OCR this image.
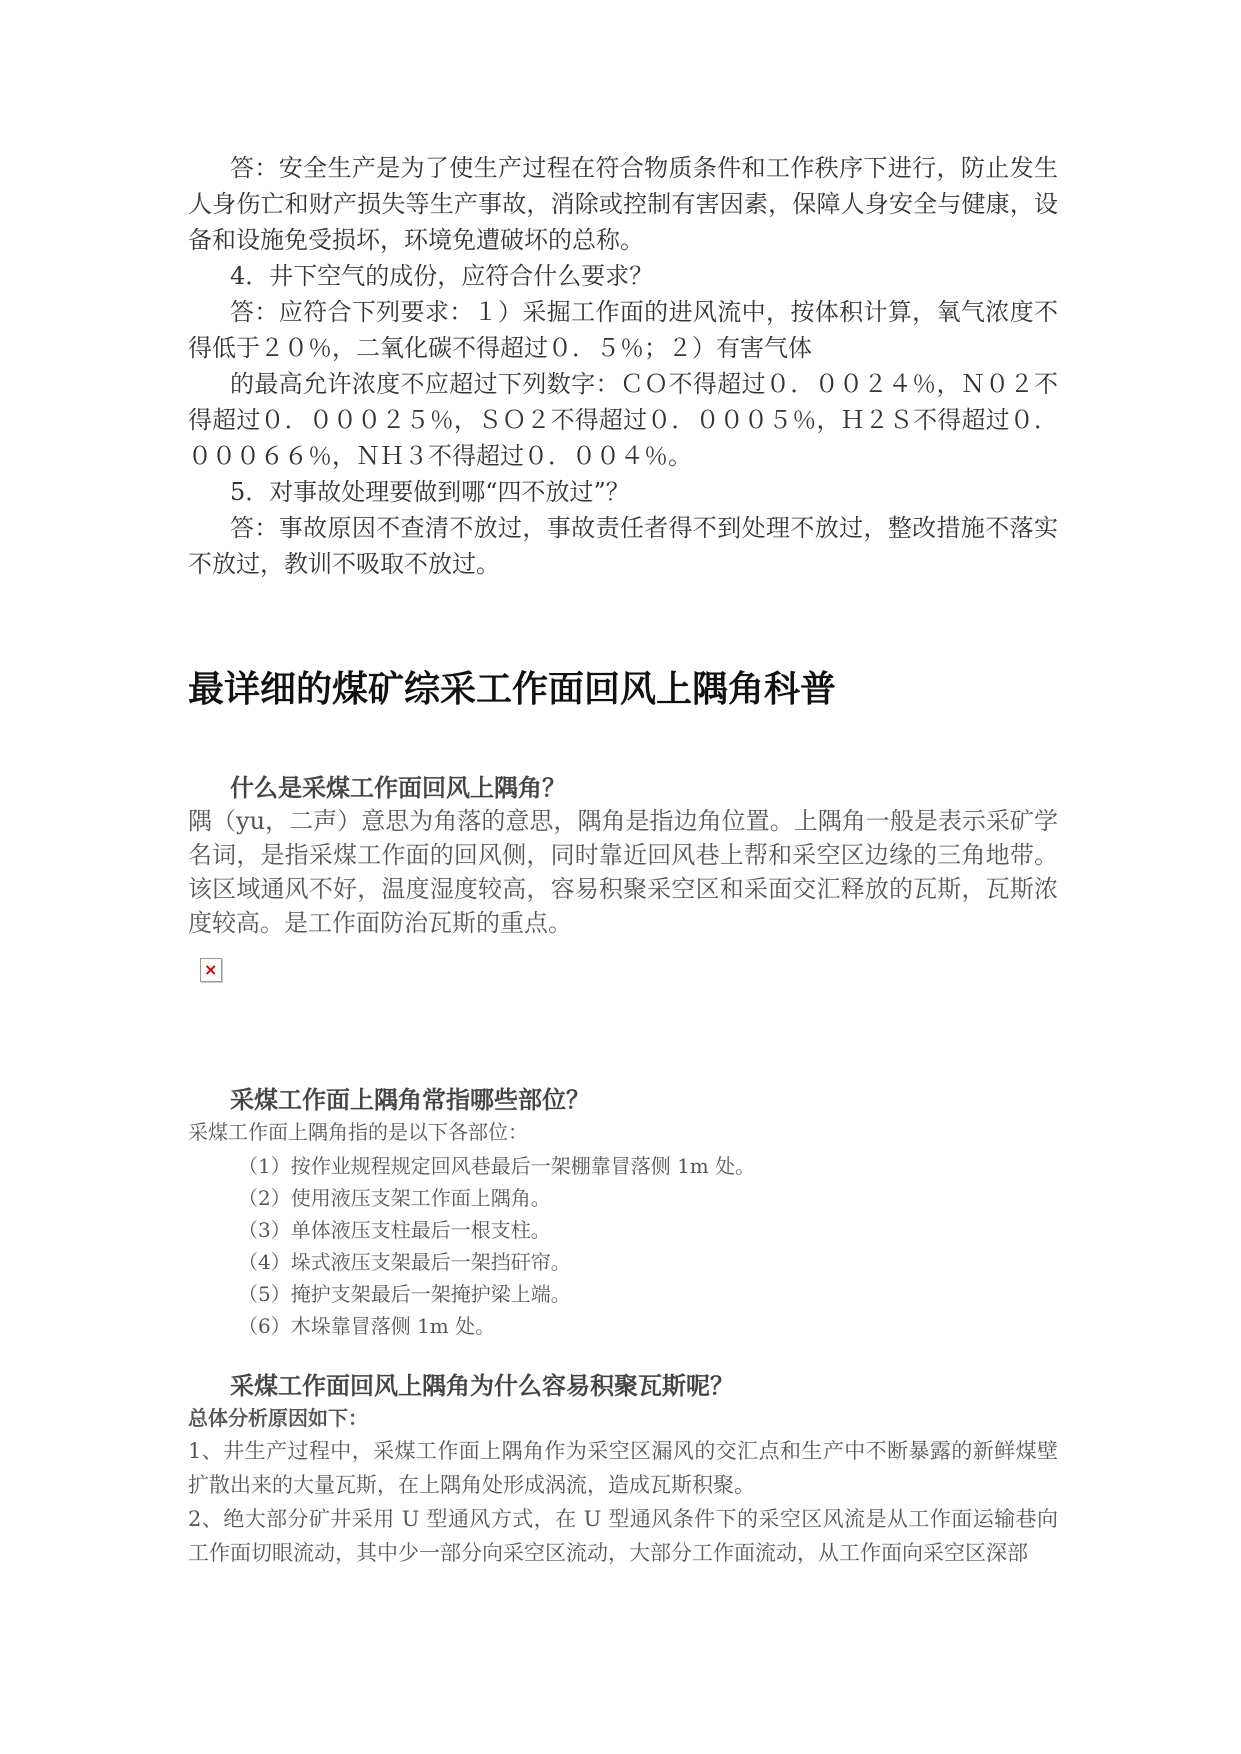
答：安全生产是为了使生产过程在符合物质条件和工作秩序下进行，防止发生人身伤亡和财产损失等生产事故，消除或控制有害因素，保障人身安全与健康，设备和设施免受损坏，环境免遭破坏的总称。

4．井下空气的成份，应符合什么要求？

答：应符合下列要求：１）采掘工作面的进风流中，按体积计算，氧气浓度不得低于２０％，二氧化碳不得超过０．５％；２）有害气体

的最高允许浓度不应超过下列数字：ＣＯ不得超过０．００２４％，Ｎ０２不得超过０．０００２５％，ＳＯ２不得超过０．０００５％，Ｈ２Ｓ不得超过０．０００６６％，ＮＨ３不得超过０．００４％。

5．对事故处理要做到哪“四不放过”？

答：事故原因不查清不放过，事故责任者得不到处理不放过，整改措施不落实不放过，教训不吸取不放过。

最详细的煤矿综采工作面回风上隅角科普
什么是采煤工作面回风上隅角？

隅（yu，二声）意思为角落的意思，隅角是指边角位置。上隅角一般是表示采矿学名词，是指采煤工作面的回风侧，同时靠近回风巷上帮和采空区边缘的三角地带。该区域通风不好，温度湿度较高，容易积聚采空区和采面交汇释放的瓦斯，瓦斯浓度较高。是工作面防治瓦斯的重点。

×
采煤工作面上隅角常指哪些部位？

采煤工作面上隅角指的是以下各部位：

（1）按作业规程规定回风巷最后一架棚靠冒落侧 1m 处。
（2）使用液压支架工作面上隅角。
（3）单体液压支柱最后一根支柱。
（4）垛式液压支架最后一架挡矸帘。
（5）掩护支架最后一架掩护梁上端。
（6）木垛靠冒落侧 1m 处。
采煤工作面回风上隅角为什么容易积聚瓦斯呢？

总体分析原因如下：

1、井生产过程中，采煤工作面上隅角作为采空区漏风的交汇点和生产中不断暴露的新鲜煤壁扩散出来的大量瓦斯，在上隅角处形成涡流，造成瓦斯积聚。

2、绝大部分矿井采用 U 型通风方式，在 U 型通风条件下的采空区风流是从工作面运输巷向工作面切眼流动，其中少一部分向采空区流动，大部分工作面流动，从工作面向采空区深部
